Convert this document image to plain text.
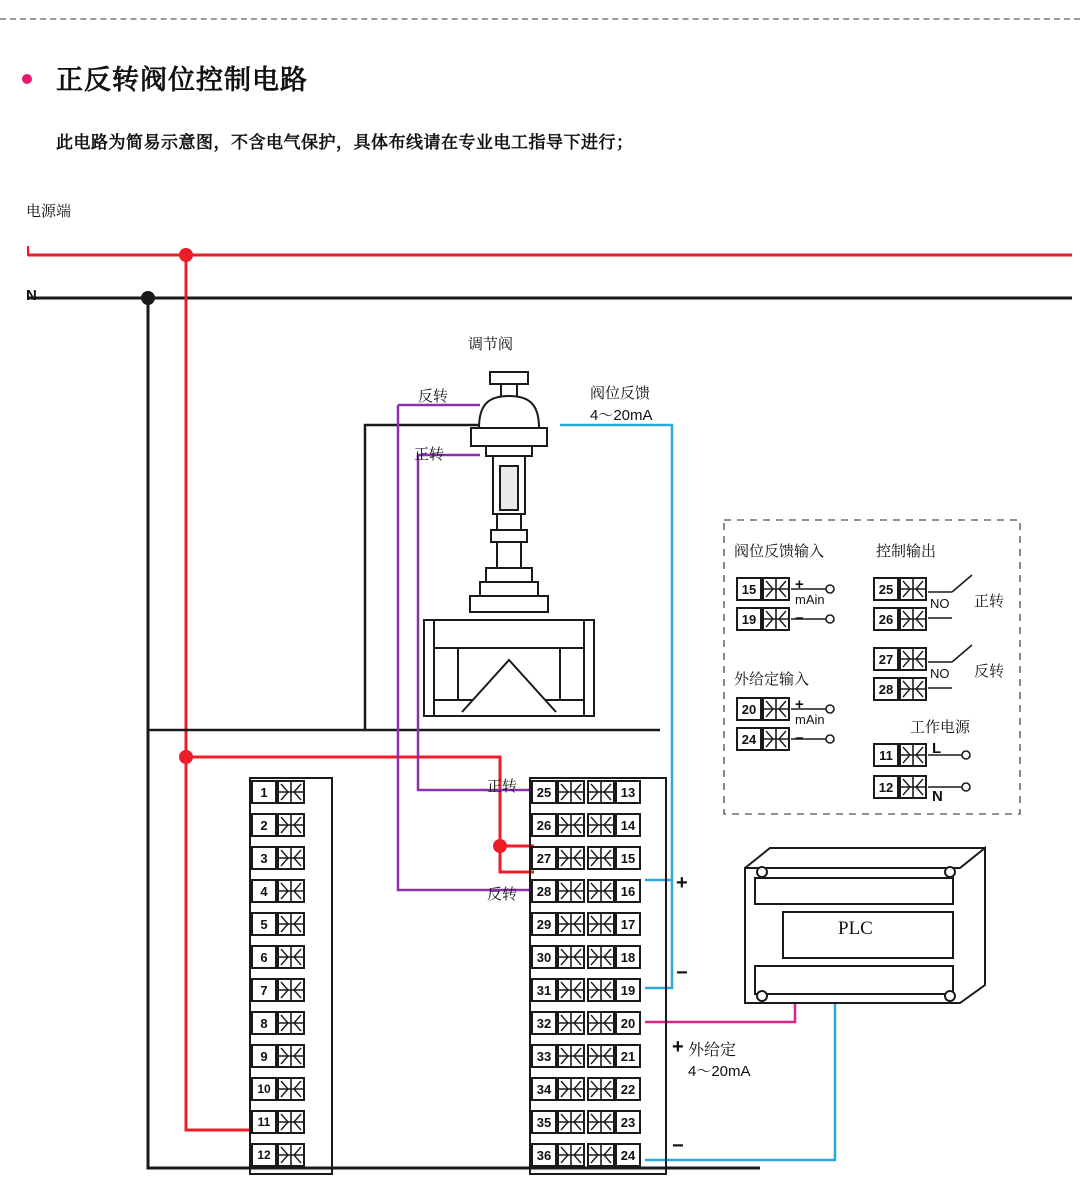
正反转阀位控制电路
此电路为简易示意图，不含电气保护，具体布线请在专业电工指导下进行；
电源端
L
N
调节阀
反转
正转
阀位反馈
4～20mA
正转
反转
外给定
4～20mA
PLC
+
−
+
−
阀位反馈输入
外给定输入
控制输出
工作电源
15
19
20
24
25
26
27
28
11
12
+
mAin
−
+
mAin
−
NO 正转
NO 反转
L
N
1
2
3
4
5
6
7
8
9
10
11
12
25
26
27
28
29
30
31
32
33
34
35
36
13
14
15
16
17
18
19
20
21
22
23
24
